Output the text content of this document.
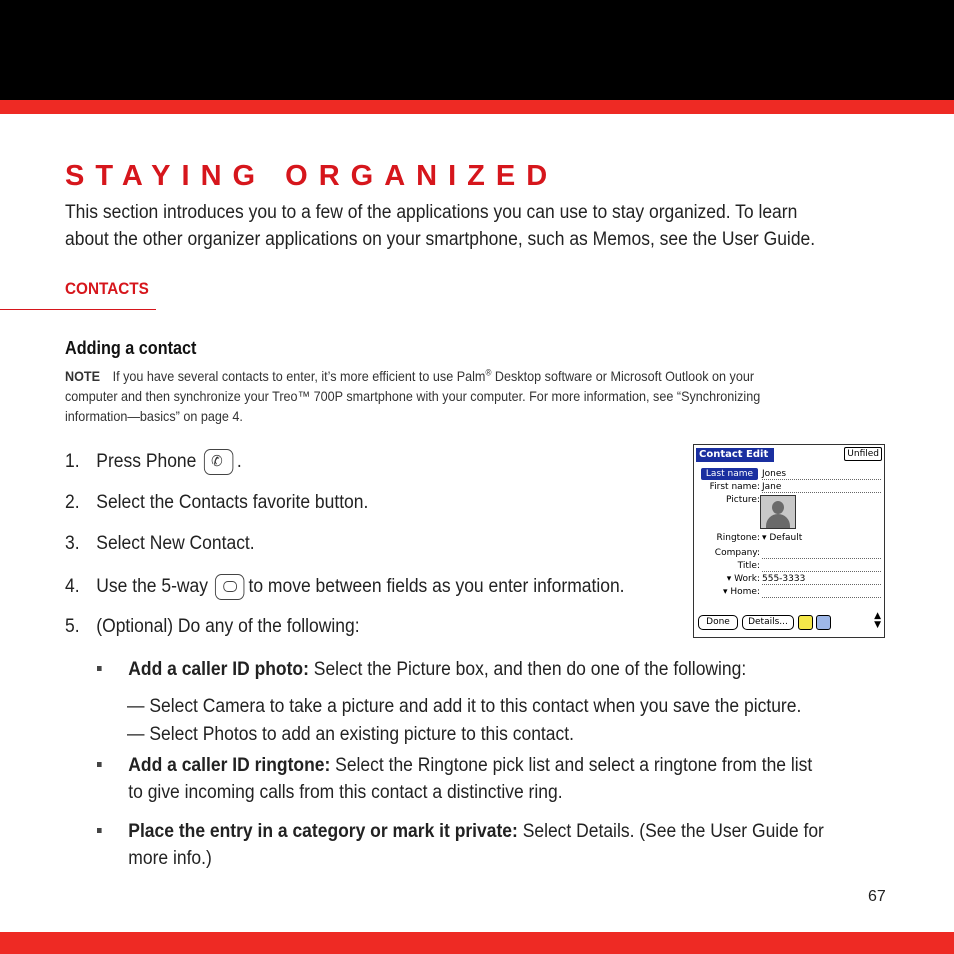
STAYING ORGANIZED
This section introduces you to a few of the applications you can use to stay organized. To learn
about the other organizer applications on your smartphone, such as Memos, see the User Guide.
CONTACTS
Adding a contact
NOTE If you have several contacts to enter, it’s more efficient to use Palm® Desktop software or Microsoft Outlook on your
computer and then synchronize your Treo™ 700P smartphone with your computer. For more information, see “Synchronizing
information—basics” on page 4.
1. Press Phone ✆ .
2. Select the Contacts favorite button.
3. Select New Contact.
4. Use the 5-way to move between fields as you enter information.
5. (Optional) Do any of the following:
Add a caller ID photo: Select the Picture box, and then do one of the following:
— Select Camera to take a picture and add it to this contact when you save the picture.
— Select Photos to add an existing picture to this contact.
Add a caller ID ringtone: Select the Ringtone pick list and select a ringtone from the list
to give incoming calls from this contact a distinctive ring.
Place the entry in a category or mark it private: Select Details. (See the User Guide for
more info.)
Contact Edit	Unfiled
Last name Jones
First name: Jane
Picture:
Ringtone: ▾ Default
Company:
Title:
▾ Work: 555-3333
▾ Home:
Done	Details...
▲
▼
67
